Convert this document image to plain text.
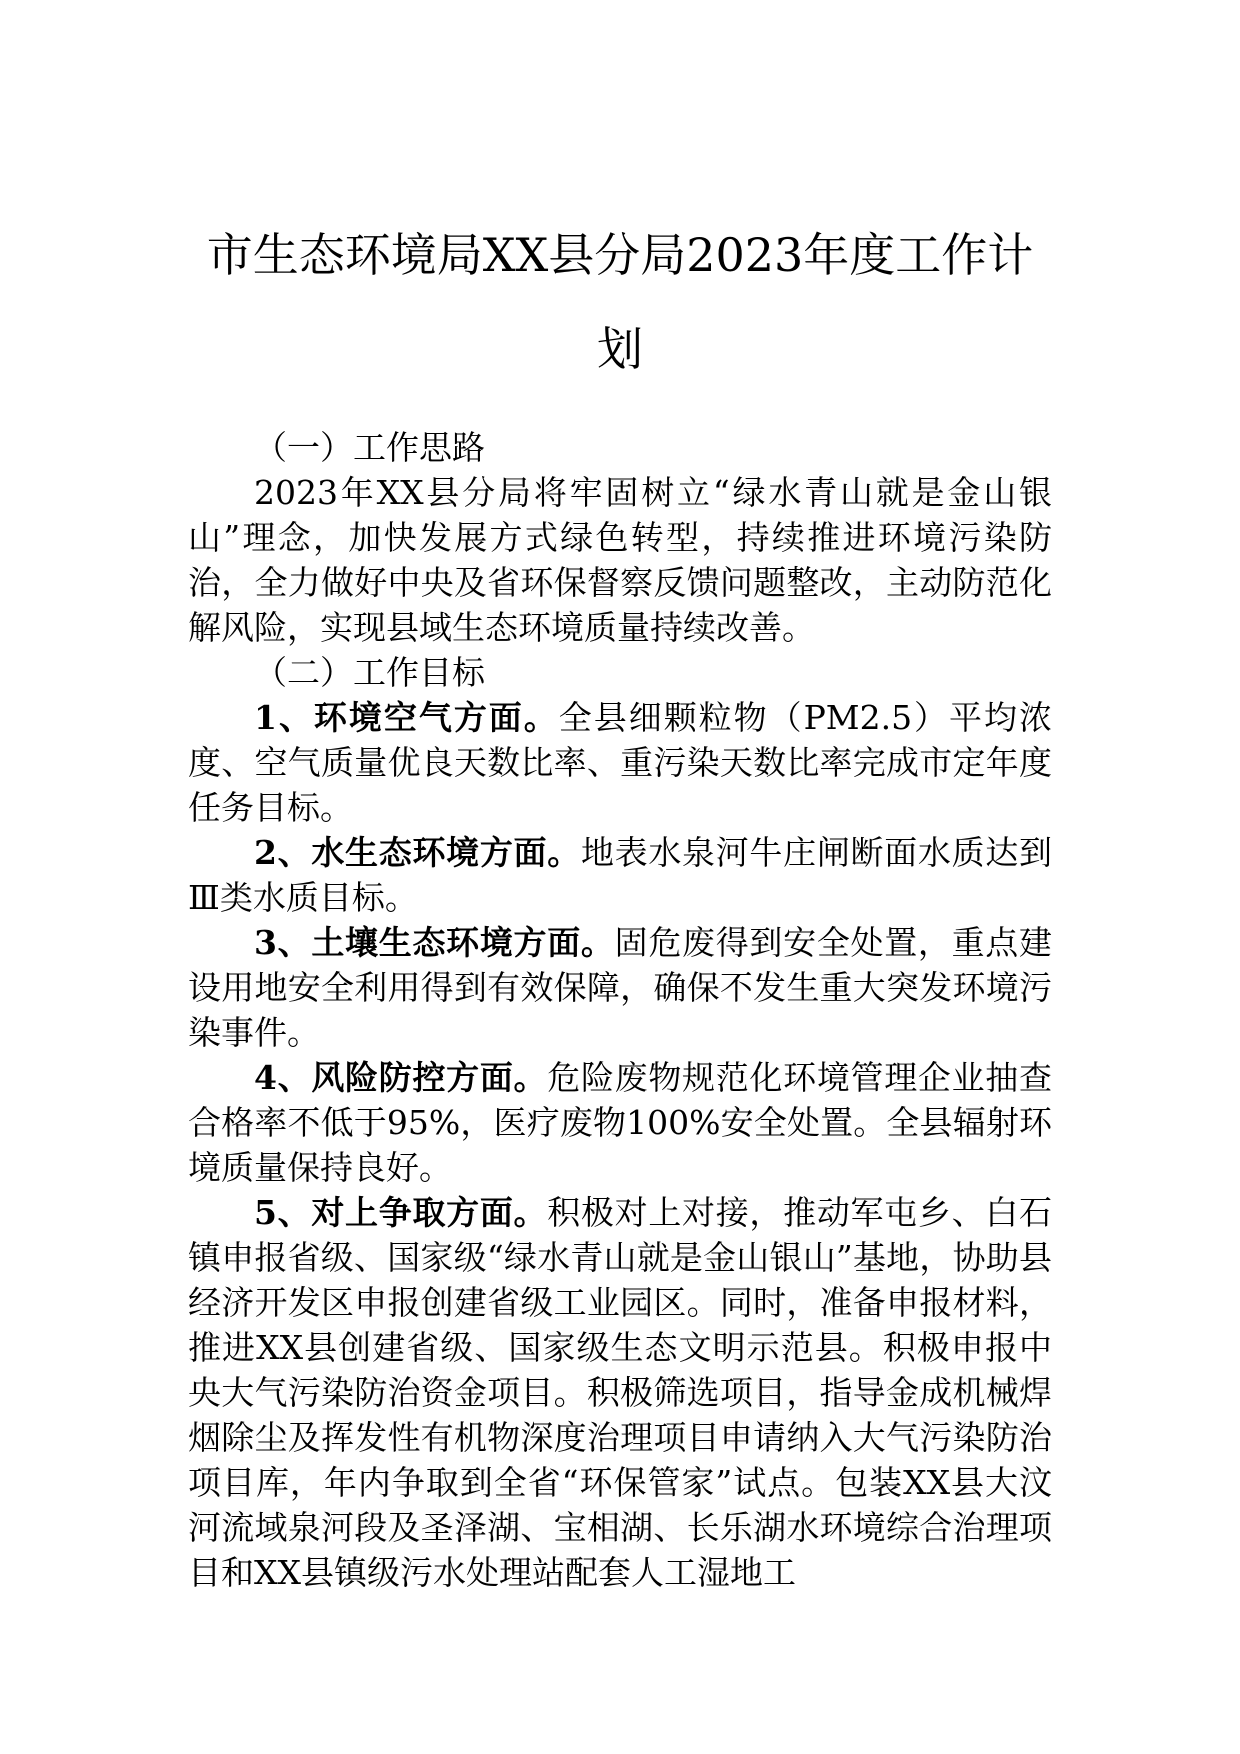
市生态环境局XX县分局2023年度工作计划

（一）工作思路

2023年XX县分局将牢固树立“绿水青山就是金山银山”理念，加快发展方式绿色转型，持续推进环境污染防治，全力做好中央及省环保督察反馈问题整改，主动防范化解风险，实现县域生态环境质量持续改善。

（二）工作目标

1、环境空气方面。全县细颗粒物（PM2.5）平均浓度、空气质量优良天数比率、重污染天数比率完成市定年度任务目标。

2、水生态环境方面。地表水泉河牛庄闸断面水质达到Ⅲ类水质目标。

3、土壤生态环境方面。固危废得到安全处置，重点建设用地安全利用得到有效保障，确保不发生重大突发环境污染事件。

4、风险防控方面。危险废物规范化环境管理企业抽查合格率不低于95%，医疗废物100%安全处置。全县辐射环境质量保持良好。

5、对上争取方面。积极对上对接，推动军屯乡、白石镇申报省级、国家级“绿水青山就是金山银山”基地，协助县经济开发区申报创建省级工业园区。同时，准备申报材料，推进XX县创建省级、国家级生态文明示范县。积极申报中央大气污染防治资金项目。积极筛选项目，指导金成机械焊烟除尘及挥发性有机物深度治理项目申请纳入大气污染防治项目库，年内争取到全省“环保管家”试点。包装XX县大汶河流域泉河段及圣泽湖、宝相湖、长乐湖水环境综合治理项目和XX县镇级污水处理站配套人工湿地工
